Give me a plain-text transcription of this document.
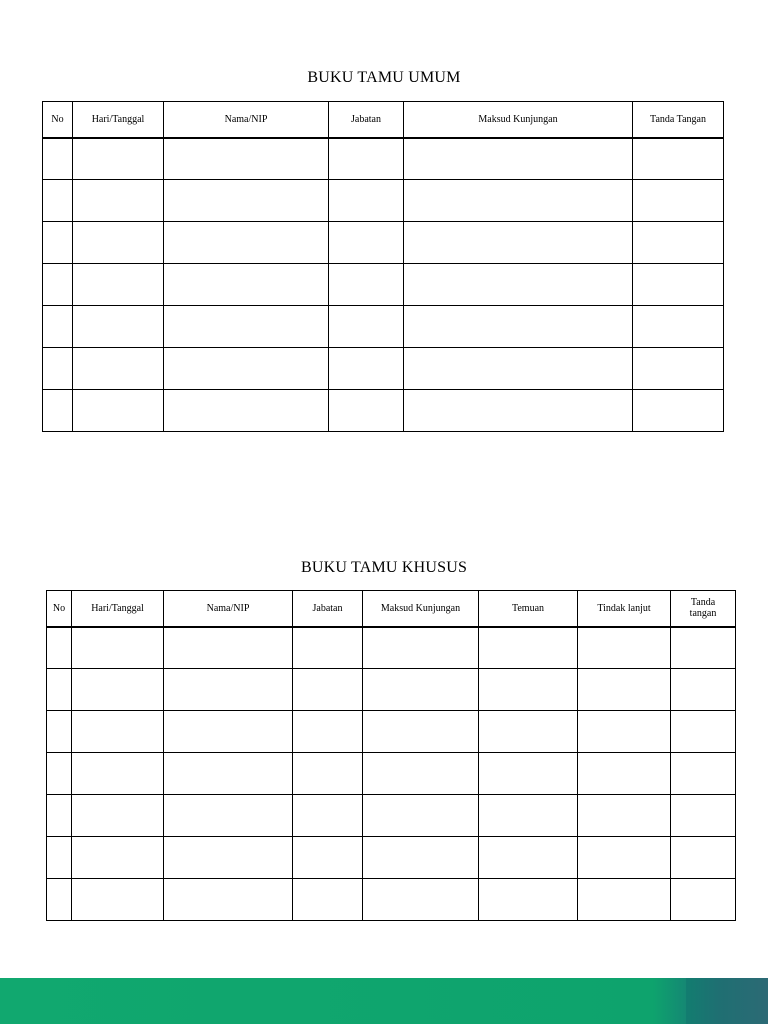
BUKU TAMU UMUM
No	Hari/Tanggal	Nama/NIP	Jabatan	Maksud Kunjungan	Tanda Tangan

BUKU TAMU KHUSUS
No	Hari/Tanggal	Nama/NIP	Jabatan	Maksud Kunjungan	Temuan	Tindak lanjut	Tanda tangan
